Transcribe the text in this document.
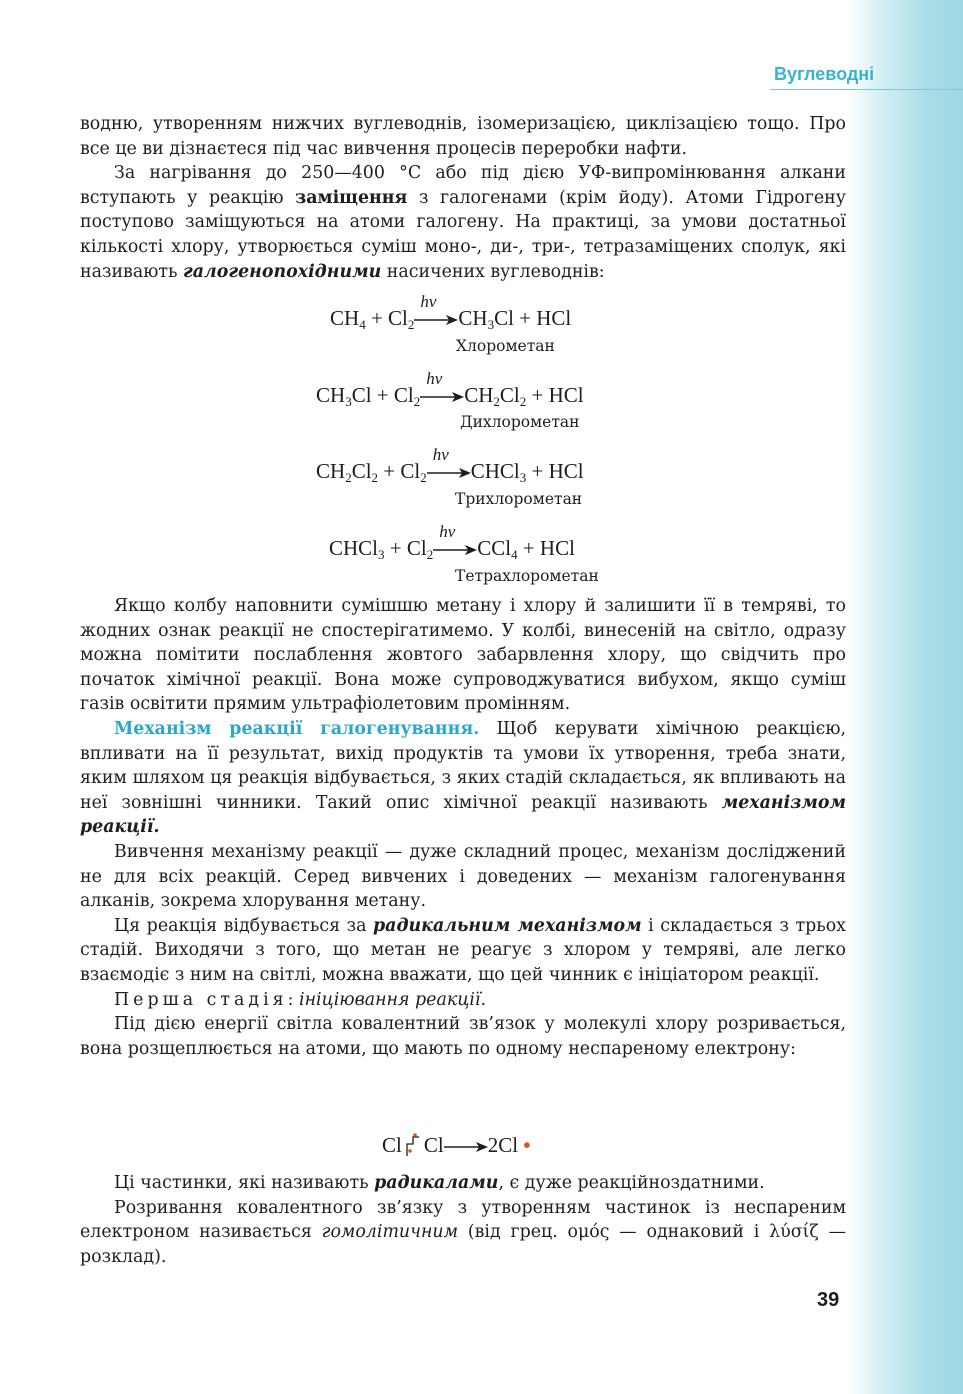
Вуглеводні

водню, утворенням нижчих вуглеводнів, ізомеризацією, циклізацією тощо. Про все це ви дізнаєтеся під час вивчення процесів переробки нафти.

За нагрівання до 250—400 °С або під дією УФ-випромінювання алкани вступають у реакцію заміщення з галогенами (крім йоду). Атоми Гідрогену поступово заміщуються на атоми галогену. На практиці, за умови достатньої кількості хлору, утворюється суміш моно-, ди-, три-, тетразаміщених сполук, які називають галогенопохідними насичених вуглеводнів:

$CH_4 + Cl_2$
hν
$CH_3Cl$ + HCl
Хлорометан
$CH_3Cl + Cl_2$
hν
$CH_2Cl_2$ + HCl
Дихлорометан
$CH_2Cl_2 + Cl_2$
hν
CHCl$_3$ + HCl
Трихлорометан
CHCl$_3$ + $Cl_2$
hν
CCl$_4$ + HCl
Тетрахлорометан

Якщо колбу наповнити сумішшю метану і хлору й залишити її в темряві, то жодних ознак реакції не спостерігатимемо. У колбі, винесеній на світло, одразу можна помітити послаблення жовтого забарвлення хлору, що свідчить про початок хімічної реакції. Вона може супроводжуватися вибухом, якщо суміш газів освітити прямим ультрафіолетовим промінням.

Механізм реакції галогенування. Щоб керувати хімічною реакцією, впливати на її результат, вихід продуктів та умови їх утворення, треба знати, яким шляхом ця реакція відбувається, з яких стадій складається, як впливають на неї зовнішні чинники. Такий опис хімічної реакції називають механізмом реакції.

Вивчення механізму реакції — дуже складний процес, механізм досліджений не для всіх реакцій. Серед вивчених і доведених — механізм галогенування алканів, зокрема хлорування метану.

Ця реакція відбувається за радикальним механізмом і складається з трьох стадій. Виходячи з того, що метан не реагує з хлором у темряві, але легко взаємодіє з ним на світлі, можна вважати, що цей чинник є ініціатором реакції.

Перша стадія: ініціювання реакції.

Під дією енергії світла ковалентний зв’язок у молекулі хлору розривається, вона розщеплюється на атоми, що мають по одному неспареному електрону:

Cl Cl→2Cl •

Ці частинки, які називають радикалами, є дуже реакційноздатними.

Розривання ковалентного зв’язку з утворенням частинок із неспареним електроном називається гомолітичним (від грец. ομός — однаковий і λύσίζ — розклад).

39
